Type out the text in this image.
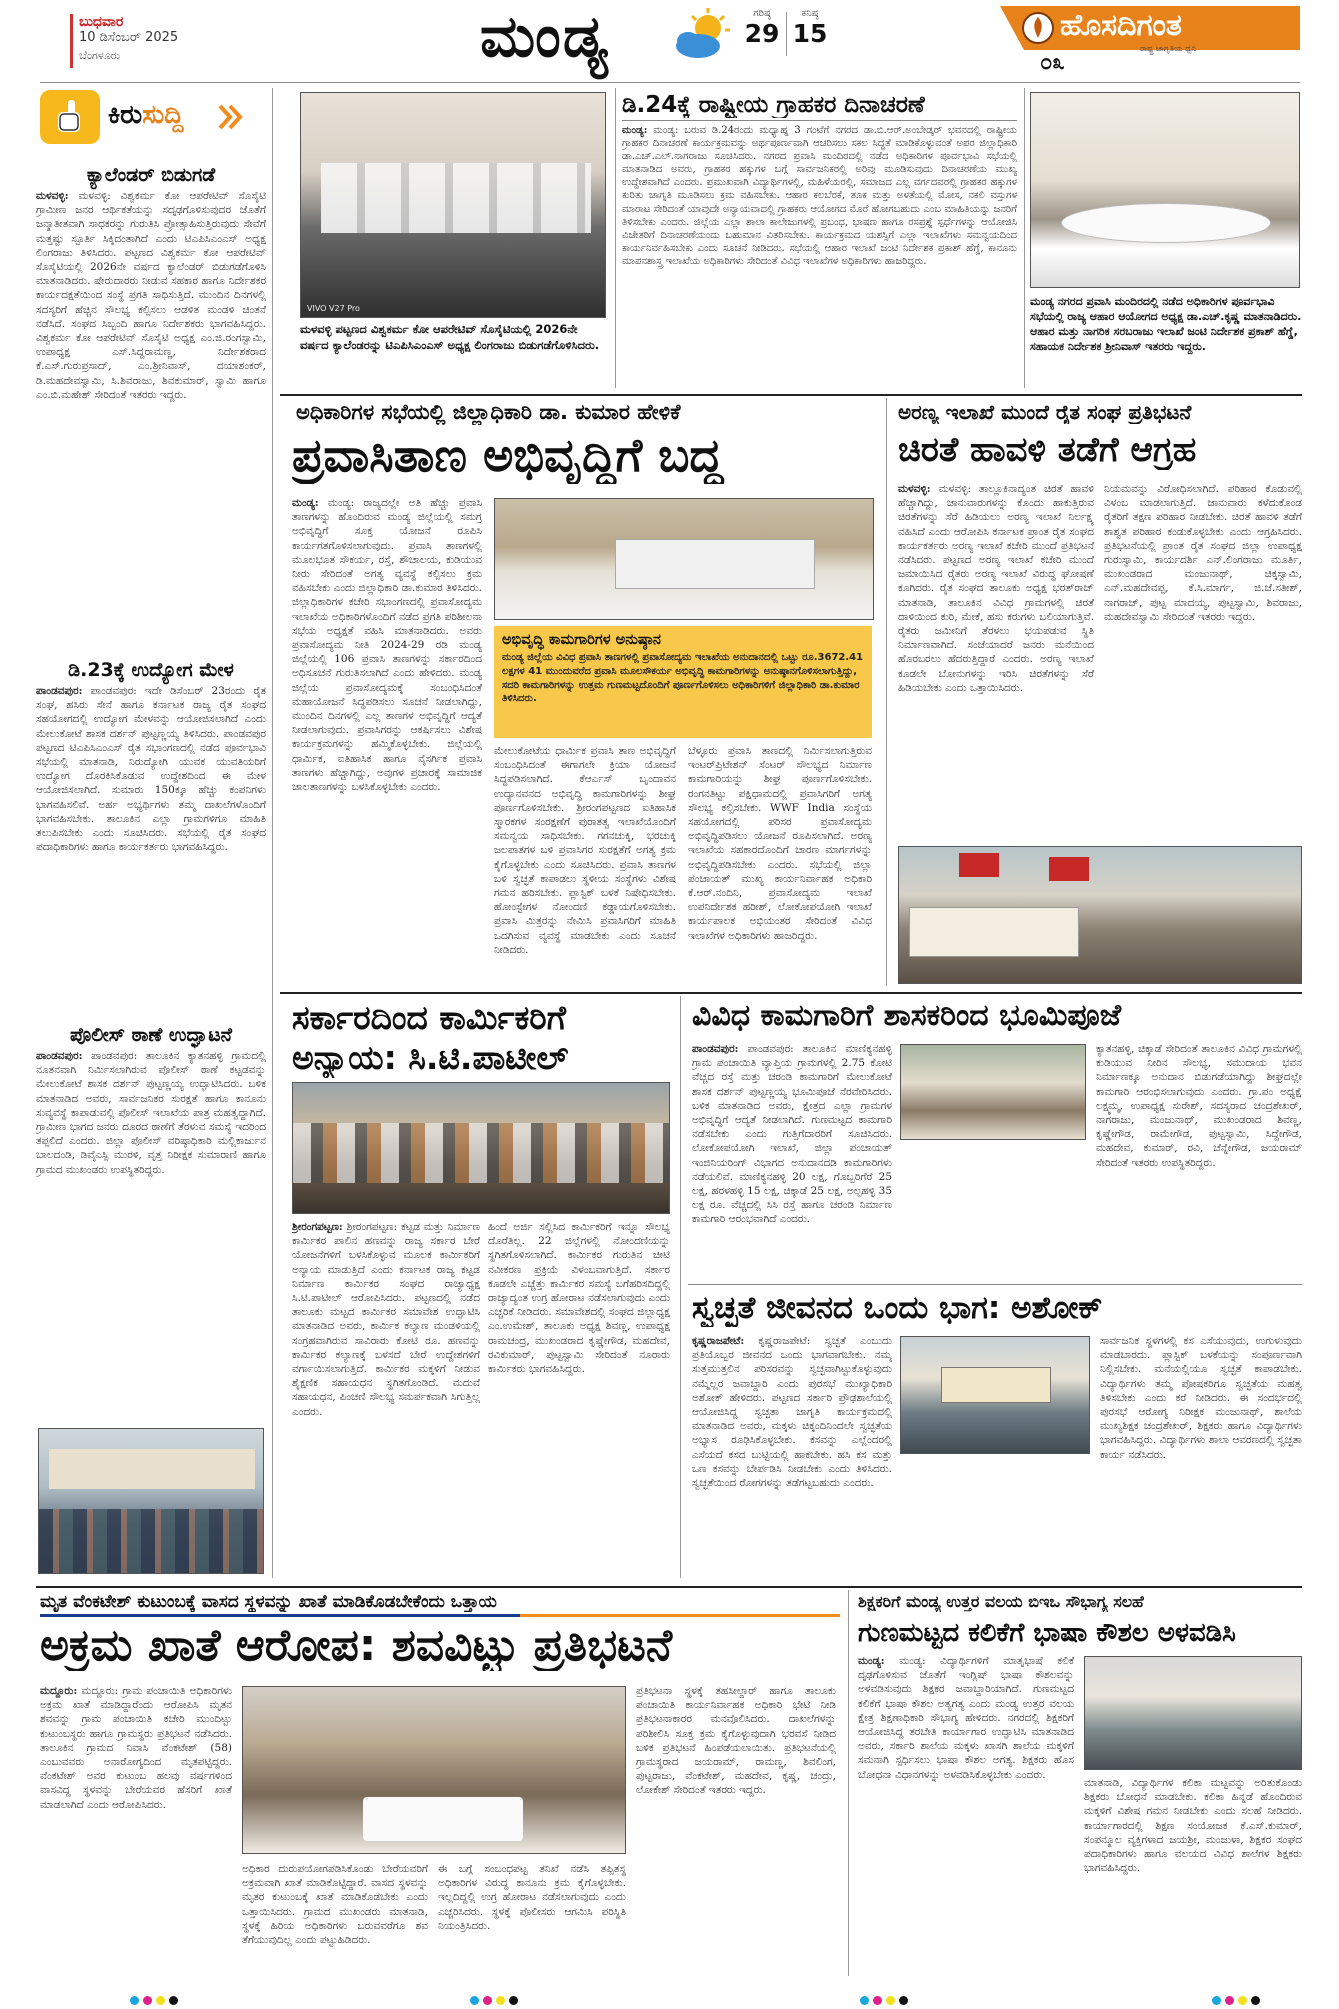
ಬುಧವಾರ
10 ಡಿಸೆಂಬರ್ 2025
ಬೆಂಗಳೂರು	ಮಂಡ್ಯ	ಗರಿಷ್ಠ
29
ಕನಿಷ್ಠ
15	ಹೊಸದಿಗಂತ
ರಾಷ್ಟ್ರ ಜಾಗೃತಿಯ ಧ್ವನಿ
೦೩
ಕಿರುಸುದ್ದಿ
ಕ್ಯಾಲೆಂಡರ್ ಬಿಡುಗಡೆ
ಮಳವಳ್ಳಿ: ಮಳವಳ್ಳಿ: ವಿಶ್ವಕರ್ಮ ಕೋ ಆಪರೇಟಿವ್ ಸೊಸೈಟಿ ಗ್ರಾಮೀಣ ಜನರ ಆರ್ಥಿಕತೆಯನ್ನು ಸದೃಢಗೊಳಿಸುವುದರ ಜೊತೆಗೆ ಜನ್ಮಾತೀತವಾಗಿ ಸಾಧಕರನ್ನು ಗುರುತಿಸಿ ಪ್ರೋತ್ಸಾಹಿಸುತ್ತಿರುವುದು ಸೇವೆಗೆ ಮತ್ತಷ್ಟು ಸ್ಪೂರ್ತಿ ಸಿಕ್ಕಿದಂತಾಗಿದೆ ಎಂದು ಟಿಎಪಿಸಿಎಂಎಸ್ ಅಧ್ಯಕ್ಷ ಲಿಂಗರಾಜು ತಿಳಿಸಿದರು. ಪಟ್ಟಣದ ವಿಶ್ವಕರ್ಮ ಕೋ ಆಪರೇಟಿವ್ ಸೊಸೈಟಿಯಲ್ಲಿ 2026ನೇ ವರ್ಷದ ಕ್ಯಾಲೆಂಡರ್ ಬಿಡುಗಡೆಗೊಳಿಸಿ ಮಾತನಾಡಿದರು. ಷೇರುದಾರರು ನೀಡುವ ಸಹಕಾರ ಹಾಗೂ ನಿರ್ದೇಶಕರ ಕಾರ್ಯದಕ್ಷತೆಯಿಂದ ಸಂಸ್ಥೆ ಪ್ರಗತಿ ಸಾಧಿಸುತ್ತಿದೆ. ಮುಂದಿನ ದಿನಗಳಲ್ಲಿ ಸದಸ್ಯರಿಗೆ ಹೆಚ್ಚಿನ ಸೌಲಭ್ಯ ಕಲ್ಪಿಸಲು ಆಡಳಿತ ಮಂಡಳಿ ಚಿಂತನೆ ನಡೆಸಿದೆ. ಸಂಘದ ಸಿಬ್ಬಂದಿ ಹಾಗೂ ನಿರ್ದೇಶಕರು ಭಾಗವಹಿಸಿದ್ದರು. ವಿಶ್ವಕರ್ಮ ಕೋ ಆಪರೇಟಿವ್ ಸೊಸೈಟಿ ಅಧ್ಯಕ್ಷ ಎಂ.ಜಿ.ರಂಗಸ್ವಾಮಿ, ಉಪಾಧ್ಯಕ್ಷ ಎಸ್.ಸಿದ್ದರಾಮಣ್ಣ, ನಿರ್ದೇಶಕರಾದ ಕೆ.ಎಸ್.ಗುರುಪ್ರಸಾದ್, ಎಂ.ಶ್ರೀನಿವಾಸ್, ದಯಾಶಂಕರ್, ಡಿ.ಮಹದೇವಸ್ವಾಮಿ, ಸಿ.ಶಿವರಾಜು, ಶಿವಕುಮಾರ್, ಸ್ವಾಮಿ ಹಾಗೂ ಎಂ.ಬಿ.ಮಹೇಶ್ ಸೇರಿದಂತೆ ಇತರರು ಇದ್ದರು.
ಡಿ.23ಕ್ಕೆ ಉದ್ಯೋಗ ಮೇಳ
ಪಾಂಡವಪುರ: ಪಾಂಡವಪುರ: ಇದೇ ಡಿಸೆಂಬರ್ 23ರಂದು ರೈತ ಸಂಘ, ಹಸಿರು ಸೇನೆ ಹಾಗೂ ಕರ್ನಾಟಕ ರಾಜ್ಯ ರೈತ ಸಂಘದ ಸಹಯೋಗದಲ್ಲಿ ಉದ್ಯೋಗ ಮೇಳವನ್ನು ಆಯೋಜಿಸಲಾಗಿದೆ ಎಂದು ಮೇಲುಕೋಟೆ ಶಾಸಕ ದರ್ಶನ್ ಪುಟ್ಟಣ್ಣಯ್ಯ ತಿಳಿಸಿದರು. ಪಾಂಡವಪುರ ಪಟ್ಟಣದ ಟಿಎಪಿಸಿಎಂಎಸ್ ರೈತ ಸಭಾಂಗಣದಲ್ಲಿ ನಡೆದ ಪೂರ್ವಭಾವಿ ಸಭೆಯಲ್ಲಿ ಮಾತನಾಡಿ, ನಿರುದ್ಯೋಗಿ ಯುವಕ ಯುವತಿಯರಿಗೆ ಉದ್ಯೋಗ ದೊರಕಿಸಿಕೊಡುವ ಉದ್ದೇಶದಿಂದ ಈ ಮೇಳ ಆಯೋಜಿಸಲಾಗಿದೆ. ಸುಮಾರು 150ಕ್ಕೂ ಹೆಚ್ಚು ಕಂಪನಿಗಳು ಭಾಗವಹಿಸಲಿವೆ. ಅರ್ಹ ಅಭ್ಯರ್ಥಿಗಳು ತಮ್ಮ ದಾಖಲೆಗಳೊಂದಿಗೆ ಭಾಗವಹಿಸಬೇಕು. ತಾಲೂಕಿನ ಎಲ್ಲಾ ಗ್ರಾಮಗಳಿಗೂ ಮಾಹಿತಿ ತಲುಪಿಸಬೇಕು ಎಂದು ಸೂಚಿಸಿದರು. ಸಭೆಯಲ್ಲಿ ರೈತ ಸಂಘದ ಪದಾಧಿಕಾರಿಗಳು ಹಾಗೂ ಕಾರ್ಯಕರ್ತರು ಭಾಗವಹಿಸಿದ್ದರು.
ಪೊಲೀಸ್ ಠಾಣೆ ಉದ್ಘಾಟನೆ
ಪಾಂಡವಪುರ: ಪಾಂಡವಪುರ: ತಾಲೂಕಿನ ಕ್ಯಾತನಹಳ್ಳಿ ಗ್ರಾಮದಲ್ಲಿ ನೂತನವಾಗಿ ನಿರ್ಮಿಸಲಾಗಿರುವ ಪೊಲೀಸ್ ಠಾಣೆ ಕಟ್ಟಡವನ್ನು ಮೇಲುಕೋಟೆ ಶಾಸಕ ದರ್ಶನ್ ಪುಟ್ಟಣ್ಣಯ್ಯ ಉದ್ಘಾಟಿಸಿದರು. ಬಳಿಕ ಮಾತನಾಡಿದ ಅವರು, ಸಾರ್ವಜನಿಕರ ಸುರಕ್ಷತೆ ಹಾಗೂ ಕಾನೂನು ಸುವ್ಯವಸ್ಥೆ ಕಾಪಾಡುವಲ್ಲಿ ಪೊಲೀಸ್ ಇಲಾಖೆಯ ಪಾತ್ರ ಮಹತ್ವದ್ದಾಗಿದೆ. ಗ್ರಾಮೀಣ ಭಾಗದ ಜನರು ದೂರದ ಠಾಣೆಗೆ ತೆರಳುವ ಸಮಸ್ಯೆ ಇದರಿಂದ ತಪ್ಪಲಿದೆ ಎಂದರು. ಜಿಲ್ಲಾ ಪೊಲೀಸ್ ವರಿಷ್ಠಾಧಿಕಾರಿ ಮಲ್ಲಿಕಾರ್ಜುನ ಬಾಲದಂಡಿ, ಡಿವೈಎಸ್ಪಿ ಮುರಳಿ, ವೃತ್ತ ನಿರೀಕ್ಷಕ ಸುಮಾರಾಣಿ ಹಾಗೂ ಗ್ರಾಮದ ಮುಖಂಡರು ಉಪಸ್ಥಿತರಿದ್ದರು.
VIVO V27 Pro
ಮಳವಳ್ಳಿ ಪಟ್ಟಣದ ವಿಶ್ವಕರ್ಮ ಕೋ ಆಪರೇಟಿವ್ ಸೊಸೈಟಿಯಲ್ಲಿ 2026ನೇ ವರ್ಷದ ಕ್ಯಾಲೆಂಡರನ್ನು ಟಿಎಪಿಸಿಎಂಎಸ್ ಅಧ್ಯಕ್ಷ ಲಿಂಗರಾಜು ಬಿಡುಗಡೆಗೊಳಿಸಿದರು.
ಡಿ.24ಕ್ಕೆ ರಾಷ್ಟ್ರೀಯ ಗ್ರಾಹಕರ ದಿನಾಚರಣೆ
ಮಂಡ್ಯ: ಮಂಡ್ಯ: ಬರುವ ಡಿ.24ರಂದು ಮಧ್ಯಾಹ್ನ 3 ಗಂಟೆಗೆ ನಗರದ ಡಾ.ಬಿ.ಆರ್.ಅಂಬೇಡ್ಕರ್ ಭವನದಲ್ಲಿ ರಾಷ್ಟ್ರೀಯ ಗ್ರಾಹಕರ ದಿನಾಚರಣೆ ಕಾರ್ಯಕ್ರಮವನ್ನು ಅರ್ಥಪೂರ್ಣವಾಗಿ ಆಚರಿಸಲು ಸಕಲ ಸಿದ್ಧತೆ ಮಾಡಿಕೊಳ್ಳುವಂತೆ ಅಪರ ಜಿಲ್ಲಾಧಿಕಾರಿ ಡಾ.ಎಚ್.ಎಲ್.ನಾಗರಾಜು ಸೂಚಿಸಿದರು. ನಗರದ ಪ್ರವಾಸಿ ಮಂದಿರದಲ್ಲಿ ನಡೆದ ಅಧಿಕಾರಿಗಳ ಪೂರ್ವಭಾವಿ ಸಭೆಯಲ್ಲಿ ಮಾತನಾಡಿದ ಅವರು, ಗ್ರಾಹಕರ ಹಕ್ಕುಗಳ ಬಗ್ಗೆ ಸಾರ್ವಜನಿಕರಲ್ಲಿ ಅರಿವು ಮೂಡಿಸುವುದು ದಿನಾಚರಣೆಯ ಮುಖ್ಯ ಉದ್ದೇಶವಾಗಿದೆ ಎಂದರು. ಪ್ರಮುಖವಾಗಿ ವಿದ್ಯಾರ್ಥಿಗಳಲ್ಲಿ, ಮಹಿಳೆಯರಲ್ಲಿ, ಸಮಾಜದ ಎಲ್ಲ ವರ್ಗದವರಲ್ಲಿ ಗ್ರಾಹಕರ ಹಕ್ಕುಗಳ ಕುರಿತು ಜಾಗೃತಿ ಮೂಡಿಸಲು ಕ್ರಮ ವಹಿಸಬೇಕು. ಆಹಾರ ಕಲಬೆರಕೆ, ತೂಕ ಮತ್ತು ಅಳತೆಯಲ್ಲಿ ಮೋಸ, ನಕಲಿ ವಸ್ತುಗಳ ಮಾರಾಟ ಸೇರಿದಂತೆ ಯಾವುದೇ ಅನ್ಯಾಯವಾದಲ್ಲಿ ಗ್ರಾಹಕರು ಆಯೋಗದ ಮೊರೆ ಹೋಗಬಹುದು ಎಂಬ ಮಾಹಿತಿಯನ್ನು ಜನರಿಗೆ ತಿಳಿಸಬೇಕು ಎಂದರು. ಜಿಲ್ಲೆಯ ಎಲ್ಲಾ ಶಾಲಾ ಕಾಲೇಜುಗಳಲ್ಲಿ ಪ್ರಬಂಧ, ಭಾಷಣ ಹಾಗೂ ರಸಪ್ರಶ್ನೆ ಸ್ಪರ್ಧೆಗಳನ್ನು ಆಯೋಜಿಸಿ ವಿಜೇತರಿಗೆ ದಿನಾಚರಣೆಯಂದು ಬಹುಮಾನ ವಿತರಿಸಬೇಕು. ಕಾರ್ಯಕ್ರಮದ ಯಶಸ್ಸಿಗೆ ಎಲ್ಲಾ ಇಲಾಖೆಗಳು ಸಮನ್ವಯದಿಂದ ಕಾರ್ಯನಿರ್ವಹಿಸಬೇಕು ಎಂದು ಸೂಚನೆ ನೀಡಿದರು. ಸಭೆಯಲ್ಲಿ ಆಹಾರ ಇಲಾಖೆ ಜಂಟಿ ನಿರ್ದೇಶಕ ಪ್ರಕಾಶ್ ಹೆಗ್ಡೆ, ಕಾನೂನು ಮಾಪನಶಾಸ್ತ್ರ ಇಲಾಖೆಯ ಅಧಿಕಾರಿಗಳು ಸೇರಿದಂತೆ ವಿವಿಧ ಇಲಾಖೆಗಳ ಅಧಿಕಾರಿಗಳು ಹಾಜರಿದ್ದರು.
ಮಂಡ್ಯ ನಗರದ ಪ್ರವಾಸಿ ಮಂದಿರದಲ್ಲಿ ನಡೆದ ಅಧಿಕಾರಿಗಳ ಪೂರ್ವಭಾವಿ ಸಭೆಯಲ್ಲಿ ರಾಜ್ಯ ಆಹಾರ ಆಯೋಗದ ಅಧ್ಯಕ್ಷ ಡಾ.ಎಚ್.ಕೃಷ್ಣ ಮಾತನಾಡಿದರು. ಆಹಾರ ಮತ್ತು ನಾಗರಿಕ ಸರಬರಾಜು ಇಲಾಖೆ ಜಂಟಿ ನಿರ್ದೇಶಕ ಪ್ರಕಾಶ್ ಹೆಗ್ಡೆ, ಸಹಾಯಕ ನಿರ್ದೇಶಕ ಶ್ರೀನಿವಾಸ್ ಇತರರು ಇದ್ದರು.
ಅಧಿಕಾರಿಗಳ ಸಭೆಯಲ್ಲಿ ಜಿಲ್ಲಾಧಿಕಾರಿ ಡಾ. ಕುಮಾರ ಹೇಳಿಕೆ
ಪ್ರವಾಸಿತಾಣ ಅಭಿವೃದ್ಧಿಗೆ ಬದ್ಧ
ಮಂಡ್ಯ: ಮಂಡ್ಯ: ರಾಜ್ಯದಲ್ಲೇ ಅತಿ ಹೆಚ್ಚು ಪ್ರವಾಸಿ ತಾಣಗಳನ್ನು ಹೊಂದಿರುವ ಮಂಡ್ಯ ಜಿಲ್ಲೆಯಲ್ಲಿ ಸಮಗ್ರ ಅಭಿವೃದ್ಧಿಗೆ ಸೂಕ್ತ ಯೋಜನೆ ರೂಪಿಸಿ ಕಾರ್ಯಗತಗೊಳಿಸಲಾಗುವುದು. ಪ್ರವಾಸಿ ತಾಣಗಳಲ್ಲಿ ಮೂಲಭೂತ ಸೌಕರ್ಯ, ರಸ್ತೆ, ಶೌಚಾಲಯ, ಕುಡಿಯುವ ನೀರು ಸೇರಿದಂತೆ ಅಗತ್ಯ ವ್ಯವಸ್ಥೆ ಕಲ್ಪಿಸಲು ಕ್ರಮ ವಹಿಸಬೇಕು ಎಂದು ಜಿಲ್ಲಾಧಿಕಾರಿ ಡಾ.ಕುಮಾರ ತಿಳಿಸಿದರು. ಜಿಲ್ಲಾಧಿಕಾರಿಗಳ ಕಚೇರಿ ಸಭಾಂಗಣದಲ್ಲಿ ಪ್ರವಾಸೋದ್ಯಮ ಇಲಾಖೆಯ ಅಧಿಕಾರಿಗಳೊಂದಿಗೆ ನಡೆದ ಪ್ರಗತಿ ಪರಿಶೀಲನಾ ಸಭೆಯ ಅಧ್ಯಕ್ಷತೆ ವಹಿಸಿ ಮಾತನಾಡಿದರು. ಅವರು ಪ್ರವಾಸೋದ್ಯಮ ನೀತಿ 2024-29 ರಡಿ ಮಂಡ್ಯ ಜಿಲ್ಲೆಯಲ್ಲಿ 106 ಪ್ರವಾಸಿ ತಾಣಗಳನ್ನು ಸರ್ಕಾರದಿಂದ ಅಧಿಸೂಚನೆ ಗುರುತಿಸಲಾಗಿದೆ ಎಂದು ಹೇಳಿದರು. ಮಂಡ್ಯ ಜಿಲ್ಲೆಯ ಪ್ರವಾಸೋದ್ಯಮಕ್ಕೆ ಸಂಬಂಧಿಸಿದಂತೆ ಮಹಾಯೋಜನೆ ಸಿದ್ಧಪಡಿಸಲು ಸೂಚನೆ ನೀಡಲಾಗಿದ್ದು, ಮುಂದಿನ ದಿನಗಳಲ್ಲಿ ಎಲ್ಲ ತಾಣಗಳ ಅಭಿವೃದ್ಧಿಗೆ ಆದ್ಯತೆ ನೀಡಲಾಗುವುದು. ಪ್ರವಾಸಿಗರನ್ನು ಆಕರ್ಷಿಸಲು ವಿಶೇಷ ಕಾರ್ಯಕ್ರಮಗಳನ್ನು ಹಮ್ಮಿಕೊಳ್ಳಬೇಕು. ಜಿಲ್ಲೆಯಲ್ಲಿ ಧಾರ್ಮಿಕ, ಐತಿಹಾಸಿಕ ಹಾಗೂ ನೈಸರ್ಗಿಕ ಪ್ರವಾಸಿ ತಾಣಗಳು ಹೆಚ್ಚಾಗಿದ್ದು, ಅವುಗಳ ಪ್ರಚಾರಕ್ಕೆ ಸಾಮಾಜಿಕ ಜಾಲತಾಣಗಳನ್ನು ಬಳಸಿಕೊಳ್ಳಬೇಕು ಎಂದರು.
ಅಭಿವೃದ್ಧಿ ಕಾಮಗಾರಿಗಳ ಅನುಷ್ಠಾನ
ಮಂಡ್ಯ ಜಿಲ್ಲೆಯ ವಿವಿಧ ಪ್ರವಾಸಿ ತಾಣಗಳಲ್ಲಿ ಪ್ರವಾಸೋದ್ಯಮ ಇಲಾಖೆಯ ಅನುದಾನದಲ್ಲಿ ಒಟ್ಟು ರೂ.3672.41 ಲಕ್ಷಗಳ 41 ಮುಂದುವರೆದ ಪ್ರವಾಸಿ ಮೂಲಸೌಕರ್ಯ ಅಭಿವೃದ್ಧಿ ಕಾಮಗಾರಿಗಳನ್ನು ಅನುಷ್ಠಾನಗೊಳಿಸಲಾಗುತ್ತಿದ್ದು, ಸದರಿ ಕಾಮಗಾರಿಗಳನ್ನು ಉತ್ತಮ ಗುಣಮಟ್ಟದೊಂದಿಗೆ ಪೂರ್ಣಗೊಳಿಸಲು ಅಧಿಕಾರಿಗಳಿಗೆ ಜಿಲ್ಲಾಧಿಕಾರಿ ಡಾ.ಕುಮಾರ ತಿಳಿಸಿದರು.
ಮೇಲುಕೋಟೆಯ ಧಾರ್ಮಿಕ ಪ್ರವಾಸಿ ತಾಣ ಅಭಿವೃದ್ಧಿಗೆ ಸಂಬಂಧಿಸಿದಂತೆ ಈಗಾಗಲೇ ಕ್ರಿಯಾ ಯೋಜನೆ ಸಿದ್ಧಪಡಿಸಲಾಗಿದೆ. ಕೆಆರ್ಎಸ್ ಬೃಂದಾವನ ಉದ್ಯಾನವನದ ಅಭಿವೃದ್ಧಿ ಕಾಮಗಾರಿಗಳನ್ನು ಶೀಘ್ರ ಪೂರ್ಣಗೊಳಿಸಬೇಕು. ಶ್ರೀರಂಗಪಟ್ಟಣದ ಐತಿಹಾಸಿಕ ಸ್ಮಾರಕಗಳ ಸಂರಕ್ಷಣೆಗೆ ಪುರಾತತ್ವ ಇಲಾಖೆಯೊಂದಿಗೆ ಸಮನ್ವಯ ಸಾಧಿಸಬೇಕು. ಗಗನಚುಕ್ಕಿ, ಭರಚುಕ್ಕಿ ಜಲಪಾತಗಳ ಬಳಿ ಪ್ರವಾಸಿಗರ ಸುರಕ್ಷತೆಗೆ ಅಗತ್ಯ ಕ್ರಮ ಕೈಗೊಳ್ಳಬೇಕು ಎಂದು ಸೂಚಿಸಿದರು. ಪ್ರವಾಸಿ ತಾಣಗಳ ಬಳಿ ಸ್ವಚ್ಛತೆ ಕಾಪಾಡಲು ಸ್ಥಳೀಯ ಸಂಸ್ಥೆಗಳು ವಿಶೇಷ ಗಮನ ಹರಿಸಬೇಕು. ಪ್ಲಾಸ್ಟಿಕ್ ಬಳಕೆ ನಿಷೇಧಿಸಬೇಕು. ಹೋಂಸ್ಟೇಗಳ ನೋಂದಣಿ ಕಡ್ಡಾಯಗೊಳಿಸಬೇಕು. ಪ್ರವಾಸಿ ಮಿತ್ರರನ್ನು ನೇಮಿಸಿ ಪ್ರವಾಸಿಗರಿಗೆ ಮಾಹಿತಿ ಒದಗಿಸುವ ವ್ಯವಸ್ಥೆ ಮಾಡಬೇಕು ಎಂದು ಸೂಚನೆ ನೀಡಿದರು.
ಬೆಳ್ಳೂರು ಪ್ರವಾಸಿ ತಾಣದಲ್ಲಿ ನಿರ್ಮಿಸಲಾಗುತ್ತಿರುವ ಇಂಟರ್‌ಪ್ರಿಟೇಶನ್ ಸೆಂಟರ್ ಸೌಲಭ್ಯದ ನಿರ್ಮಾಣ ಕಾಮಗಾರಿಯನ್ನು ಶೀಘ್ರ ಪೂರ್ಣಗೊಳಿಸಬೇಕು. ರಂಗನತಿಟ್ಟು ಪಕ್ಷಿಧಾಮದಲ್ಲಿ ಪ್ರವಾಸಿಗರಿಗೆ ಅಗತ್ಯ ಸೌಲಭ್ಯ ಕಲ್ಪಿಸಬೇಕು. WWF India ಸಂಸ್ಥೆಯ ಸಹಯೋಗದಲ್ಲಿ ಪರಿಸರ ಪ್ರವಾಸೋದ್ಯಮ ಅಭಿವೃದ್ಧಿಪಡಿಸಲು ಯೋಜನೆ ರೂಪಿಸಲಾಗಿದೆ. ಅರಣ್ಯ ಇಲಾಖೆಯ ಸಹಕಾರದೊಂದಿಗೆ ಚಾರಣ ಮಾರ್ಗಗಳನ್ನು ಅಭಿವೃದ್ಧಿಪಡಿಸಬೇಕು ಎಂದರು. ಸಭೆಯಲ್ಲಿ ಜಿಲ್ಲಾ ಪಂಚಾಯತ್ ಮುಖ್ಯ ಕಾರ್ಯನಿರ್ವಾಹಕ ಅಧಿಕಾರಿ ಕೆ.ಆರ್.ನಂದಿನಿ, ಪ್ರವಾಸೋದ್ಯಮ ಇಲಾಖೆ ಉಪನಿರ್ದೇಶಕ ಹರೀಶ್, ಲೋಕೋಪಯೋಗಿ ಇಲಾಖೆ ಕಾರ್ಯಪಾಲಕ ಅಭಿಯಂತರ ಸೇರಿದಂತೆ ವಿವಿಧ ಇಲಾಖೆಗಳ ಅಧಿಕಾರಿಗಳು ಹಾಜರಿದ್ದರು.
ಅರಣ್ಯ ಇಲಾಖೆ ಮುಂದೆ ರೈತ ಸಂಘ ಪ್ರತಿಭಟನೆ
ಚಿರತೆ ಹಾವಳಿ ತಡೆಗೆ ಆಗ್ರಹ
ಮಳವಳ್ಳಿ: ಮಳವಳ್ಳಿ: ತಾಲ್ಲೂಕಿನಾದ್ಯಂತ ಚಿರತೆ ಹಾವಳಿ ಹೆಚ್ಚಾಗಿದ್ದು, ಜಾನುವಾರುಗಳನ್ನು ಕೊಂದು ಹಾಕುತ್ತಿರುವ ಚಿರತೆಗಳನ್ನು ಸೆರೆ ಹಿಡಿಯಲು ಅರಣ್ಯ ಇಲಾಖೆ ನಿರ್ಲಕ್ಷ್ಯ ವಹಿಸಿದೆ ಎಂದು ಆರೋಪಿಸಿ ಕರ್ನಾಟಕ ಪ್ರಾಂತ ರೈತ ಸಂಘದ ಕಾರ್ಯಕರ್ತರು ಅರಣ್ಯ ಇಲಾಖೆ ಕಚೇರಿ ಮುಂದೆ ಪ್ರತಿಭಟನೆ ನಡೆಸಿದರು. ಪಟ್ಟಣದ ಅರಣ್ಯ ಇಲಾಖೆ ಕಚೇರಿ ಮುಂದೆ ಜಮಾಯಿಸಿದ ರೈತರು ಅರಣ್ಯ ಇಲಾಖೆ ವಿರುದ್ಧ ಘೋಷಣೆ ಕೂಗಿದರು. ರೈತ ಸಂಘದ ತಾಲೂಕು ಅಧ್ಯಕ್ಷ ಭರತ್‌ರಾಜ್ ಮಾತನಾಡಿ, ತಾಲೂಕಿನ ವಿವಿಧ ಗ್ರಾಮಗಳಲ್ಲಿ ಚಿರತೆ ದಾಳಿಯಿಂದ ಕುರಿ, ಮೇಕೆ, ಹಸು ಕರುಗಳು ಬಲಿಯಾಗುತ್ತಿವೆ. ರೈತರು ಜಮೀನಿಗೆ ತೆರಳಲು ಭಯಪಡುವ ಸ್ಥಿತಿ ನಿರ್ಮಾಣವಾಗಿದೆ. ಸಂಜೆಯಾದರೆ ಜನರು ಮನೆಯಿಂದ ಹೊರಬರಲು ಹೆದರುತ್ತಿದ್ದಾರೆ ಎಂದರು. ಅರಣ್ಯ ಇಲಾಖೆ ಕೂಡಲೇ ಬೋನುಗಳನ್ನು ಇರಿಸಿ ಚಿರತೆಗಳನ್ನು ಸೆರೆ ಹಿಡಿಯಬೇಕು ಎಂದು ಒತ್ತಾಯಿಸಿದರು.
ನಿಯಮವನ್ನು ವಿರೋಧಿಸಲಾಗಿದೆ. ಪರಿಹಾರ ಕೊಡುವಲ್ಲಿ ವಿಳಂಬ ಮಾಡಲಾಗುತ್ತಿದೆ. ಜಾನುವಾರು ಕಳೆದುಕೊಂಡ ರೈತರಿಗೆ ತಕ್ಷಣ ಪರಿಹಾರ ನೀಡಬೇಕು. ಚಿರತೆ ಹಾವಳಿ ತಡೆಗೆ ಶಾಶ್ವತ ಪರಿಹಾರ ಕಂಡುಕೊಳ್ಳಬೇಕು ಎಂದು ಆಗ್ರಹಿಸಿದರು. ಪ್ರತಿಭಟನೆಯಲ್ಲಿ ಪ್ರಾಂತ ರೈತ ಸಂಘದ ಜಿಲ್ಲಾ ಉಪಾಧ್ಯಕ್ಷ ಗುರುಸ್ವಾಮಿ, ಕಾರ್ಯದರ್ಶಿ ಎನ್.ಲಿಂಗರಾಜು ಮೂರ್ತಿ, ಮುಖಂಡರಾದ ಮಂಜುನಾಥ್, ಚಿಕ್ಕಸ್ವಾಮಿ, ಎನ್.ಮಹದೇವಪ್ಪ, ಕೆ.ಸಿ.ಮಾರ್ಗ, ಜಿ.ಜೆ.ಸತೀಶ್, ನಾಗರಾಜ್, ಪುಟ್ಟ ಮಾದಯ್ಯ, ಪುಟ್ಟಸ್ವಾಮಿ, ಶಿವರಾಜು, ಮಹದೇವಸ್ವಾಮಿ ಸೇರಿದಂತೆ ಇತರರು ಇದ್ದರು.
ಸರ್ಕಾರದಿಂದ ಕಾರ್ಮಿಕರಿಗೆ
ಅನ್ಯಾಯ: ಸಿ.ಟಿ.ಪಾಟೀಲ್
ಶ್ರೀರಂಗಪಟ್ಟಣ: ಶ್ರೀರಂಗಪಟ್ಟಣ: ಕಟ್ಟಡ ಮತ್ತು ನಿರ್ಮಾಣ ಕಾರ್ಮಿಕರ ಪಾಲಿನ ಹಣವನ್ನು ರಾಜ್ಯ ಸರ್ಕಾರ ಬೇರೆ ಯೋಜನೆಗಳಿಗೆ ಬಳಸಿಕೊಳ್ಳುವ ಮೂಲಕ ಕಾರ್ಮಿಕರಿಗೆ ಅನ್ಯಾಯ ಮಾಡುತ್ತಿದೆ ಎಂದು ಕರ್ನಾಟಕ ರಾಜ್ಯ ಕಟ್ಟಡ ನಿರ್ಮಾಣ ಕಾರ್ಮಿಕರ ಸಂಘದ ರಾಜ್ಯಾಧ್ಯಕ್ಷ ಸಿ.ಟಿ.ಪಾಟೀಲ್ ಆರೋಪಿಸಿದರು. ಪಟ್ಟಣದಲ್ಲಿ ನಡೆದ ತಾಲೂಕು ಮಟ್ಟದ ಕಾರ್ಮಿಕರ ಸಮಾವೇಶ ಉದ್ಘಾಟಿಸಿ ಮಾತನಾಡಿದ ಅವರು, ಕಾರ್ಮಿಕ ಕಲ್ಯಾಣ ಮಂಡಳಿಯಲ್ಲಿ ಸಂಗ್ರಹವಾಗಿರುವ ಸಾವಿರಾರು ಕೋಟಿ ರೂ. ಹಣವನ್ನು ಕಾರ್ಮಿಕರ ಕಲ್ಯಾಣಕ್ಕೆ ಬಳಸದೆ ಬೇರೆ ಉದ್ದೇಶಗಳಿಗೆ ವರ್ಗಾಯಿಸಲಾಗುತ್ತಿದೆ. ಕಾರ್ಮಿಕರ ಮಕ್ಕಳಿಗೆ ನೀಡುವ ಶೈಕ್ಷಣಿಕ ಸಹಾಯಧನ ಸ್ಥಗಿತಗೊಂಡಿದೆ. ಮದುವೆ ಸಹಾಯಧನ, ಪಿಂಚಣಿ ಸೌಲಭ್ಯ ಸಮರ್ಪಕವಾಗಿ ಸಿಗುತ್ತಿಲ್ಲ ಎಂದರು.
ಹಿಂದೆ ಅರ್ಜಿ ಸಲ್ಲಿಸಿದ ಕಾರ್ಮಿಕರಿಗೆ ಇನ್ನೂ ಸೌಲಭ್ಯ ದೊರೆತಿಲ್ಲ. 22 ಜಿಲ್ಲೆಗಳಲ್ಲಿ ನೋಂದಣಿಯನ್ನು ಸ್ಥಗಿತಗೊಳಿಸಲಾಗಿದೆ. ಕಾರ್ಮಿಕರ ಗುರುತಿನ ಚೀಟಿ ನವೀಕರಣ ಪ್ರಕ್ರಿಯೆ ವಿಳಂಬವಾಗುತ್ತಿದೆ. ಸರ್ಕಾರ ಕೂಡಲೇ ಎಚ್ಚೆತ್ತು ಕಾರ್ಮಿಕರ ಸಮಸ್ಯೆ ಬಗೆಹರಿಸದಿದ್ದಲ್ಲಿ ರಾಜ್ಯಾದ್ಯಂತ ಉಗ್ರ ಹೋರಾಟ ನಡೆಸಲಾಗುವುದು ಎಂದು ಎಚ್ಚರಿಕೆ ನೀಡಿದರು. ಸಮಾವೇಶದಲ್ಲಿ ಸಂಘದ ಜಿಲ್ಲಾಧ್ಯಕ್ಷ ಎಂ.ಉಮೇಶ್, ತಾಲೂಕು ಅಧ್ಯಕ್ಷ ಶಿವಣ್ಣ, ಉಪಾಧ್ಯಕ್ಷ ರಾಮಚಂದ್ರ, ಮುಖಂಡರಾದ ಕೃಷ್ಣೇಗೌಡ, ಮಹದೇವ, ರವಿಕುಮಾರ್, ಪುಟ್ಟಸ್ವಾಮಿ ಸೇರಿದಂತೆ ನೂರಾರು ಕಾರ್ಮಿಕರು ಭಾಗವಹಿಸಿದ್ದರು.
ವಿವಿಧ ಕಾಮಗಾರಿಗೆ ಶಾಸಕರಿಂದ ಭೂಮಿಪೂಜೆ
ಪಾಂಡವಪುರ: ಪಾಂಡವಪುರ: ತಾಲೂಕಿನ ಮಾಣಿಕ್ಯನಹಳ್ಳಿ ಗ್ರಾಮ ಪಂಚಾಯಿತಿ ವ್ಯಾಪ್ತಿಯ ಗ್ರಾಮಗಳಲ್ಲಿ 2.75 ಕೋಟಿ ವೆಚ್ಚದ ರಸ್ತೆ ಮತ್ತು ಚರಂಡಿ ಕಾಮಗಾರಿಗೆ ಮೇಲುಕೋಟೆ ಶಾಸಕ ದರ್ಶನ್ ಪುಟ್ಟಣ್ಣಯ್ಯ ಭೂಮಿಪೂಜೆ ನೆರವೇರಿಸಿದರು. ಬಳಿಕ ಮಾತನಾಡಿದ ಅವರು, ಕ್ಷೇತ್ರದ ಎಲ್ಲಾ ಗ್ರಾಮಗಳ ಅಭಿವೃದ್ಧಿಗೆ ಆದ್ಯತೆ ನೀಡಲಾಗಿದೆ. ಗುಣಮಟ್ಟದ ಕಾಮಗಾರಿ ನಡೆಸಬೇಕು ಎಂದು ಗುತ್ತಿಗೆದಾರರಿಗೆ ಸೂಚಿಸಿದರು. ಲೋಕೋಪಯೋಗಿ ಇಲಾಖೆ, ಜಿಲ್ಲಾ ಪಂಚಾಯತ್ ಇಂಜಿನಿಯರಿಂಗ್ ವಿಭಾಗದ ಅನುದಾನದಡಿ ಕಾಮಗಾರಿಗಳು ನಡೆಯಲಿವೆ. ಮಾಣಿಕ್ಯನಹಳ್ಳಿ 20 ಲಕ್ಷ, ಗೊಬ್ಬರಿಗೆರೆ 25 ಲಕ್ಷ, ಹರಳಹಳ್ಳಿ 15 ಲಕ್ಷ, ಚಿಕ್ಕಾಡೆ 25 ಲಕ್ಷ, ಅಲ್ಪಹಳ್ಳಿ 35 ಲಕ್ಷ ರೂ. ವೆಚ್ಚದಲ್ಲಿ ಸಿಸಿ ರಸ್ತೆ ಹಾಗೂ ಚರಂಡಿ ನಿರ್ಮಾಣ ಕಾಮಗಾರಿ ಆರಂಭವಾಗಿದೆ ಎಂದರು.
ಕ್ಯಾತನಹಳ್ಳಿ, ಚಿಕ್ಕಾಡೆ ಸೇರಿದಂತೆ ತಾಲೂಕಿನ ವಿವಿಧ ಗ್ರಾಮಗಳಲ್ಲಿ ಕುಡಿಯುವ ನೀರಿನ ಸೌಲಭ್ಯ, ಸಮುದಾಯ ಭವನ ನಿರ್ಮಾಣಕ್ಕೂ ಅನುದಾನ ಬಿಡುಗಡೆಯಾಗಿದ್ದು ಶೀಘ್ರದಲ್ಲೇ ಕಾಮಗಾರಿ ಆರಂಭಿಸಲಾಗುವುದು ಎಂದರು. ಗ್ರಾ.ಪಂ ಅಧ್ಯಕ್ಷೆ ಲಕ್ಷ್ಮಮ್ಮ, ಉಪಾಧ್ಯಕ್ಷ ಸುರೇಶ್, ಸದಸ್ಯರಾದ ಚಂದ್ರಶೇಖರ್, ನಾಗರಾಜು, ಮಂಜುನಾಥ್, ಮುಖಂಡರಾದ ಶಿವಣ್ಣ, ಕೃಷ್ಣೇಗೌಡ, ರಾಮೇಗೌಡ, ಪುಟ್ಟಸ್ವಾಮಿ, ಸಿದ್ದೇಗೌಡ, ಮಹದೇವ, ಕುಮಾರ್, ರವಿ, ಚೆನ್ನೇಗೌಡ, ಜಯರಾಮ್ ಸೇರಿದಂತೆ ಇತರರು ಉಪಸ್ಥಿತರಿದ್ದರು.
ಸ್ವಚ್ಛತೆ ಜೀವನದ ಒಂದು ಭಾಗ: ಅಶೋಕ್
ಕೃಷ್ಣರಾಜಪೇಟೆ: ಕೃಷ್ಣರಾಜಪೇಟೆ: ಸ್ವಚ್ಛತೆ ಎಂಬುದು ಪ್ರತಿಯೊಬ್ಬರ ಜೀವನದ ಒಂದು ಭಾಗವಾಗಬೇಕು. ನಮ್ಮ ಸುತ್ತಮುತ್ತಲಿನ ಪರಿಸರವನ್ನು ಸ್ವಚ್ಛವಾಗಿಟ್ಟುಕೊಳ್ಳುವುದು ನಮ್ಮೆಲ್ಲರ ಜವಾಬ್ದಾರಿ ಎಂದು ಪುರಸಭೆ ಮುಖ್ಯಾಧಿಕಾರಿ ಅಶೋಕ್ ಹೇಳಿದರು. ಪಟ್ಟಣದ ಸರ್ಕಾರಿ ಪ್ರೌಢಶಾಲೆಯಲ್ಲಿ ಆಯೋಜಿಸಿದ್ದ ಸ್ವಚ್ಛತಾ ಜಾಗೃತಿ ಕಾರ್ಯಕ್ರಮದಲ್ಲಿ ಮಾತನಾಡಿದ ಅವರು, ಮಕ್ಕಳು ಚಿಕ್ಕಂದಿನಿಂದಲೇ ಸ್ವಚ್ಛತೆಯ ಅಭ್ಯಾಸ ರೂಢಿಸಿಕೊಳ್ಳಬೇಕು. ಕಸವನ್ನು ಎಲ್ಲೆಂದರಲ್ಲಿ ಎಸೆಯದೆ ಕಸದ ಬುಟ್ಟಿಯಲ್ಲಿ ಹಾಕಬೇಕು. ಹಸಿ ಕಸ ಮತ್ತು ಒಣ ಕಸವನ್ನು ಬೇರ್ಪಡಿಸಿ ನೀಡಬೇಕು ಎಂದು ತಿಳಿಸಿದರು. ಸ್ವಚ್ಛತೆಯಿಂದ ರೋಗಗಳನ್ನು ತಡೆಗಟ್ಟಬಹುದು ಎಂದರು.
ಸಾರ್ವಜನಿಕ ಸ್ಥಳಗಳಲ್ಲಿ ಕಸ ಎಸೆಯುವುದು, ಉಗುಳುವುದು ಮಾಡಬಾರದು. ಪ್ಲಾಸ್ಟಿಕ್ ಬಳಕೆಯನ್ನು ಸಂಪೂರ್ಣವಾಗಿ ನಿಲ್ಲಿಸಬೇಕು. ಮನೆಯಲ್ಲಿಯೂ ಸ್ವಚ್ಛತೆ ಕಾಪಾಡಬೇಕು. ವಿದ್ಯಾರ್ಥಿಗಳು ತಮ್ಮ ಪೋಷಕರಿಗೂ ಸ್ವಚ್ಛತೆಯ ಮಹತ್ವ ತಿಳಿಸಬೇಕು ಎಂದು ಕರೆ ನೀಡಿದರು. ಈ ಸಂದರ್ಭದಲ್ಲಿ ಪುರಸಭೆ ಆರೋಗ್ಯ ನಿರೀಕ್ಷಕ ಮಂಜುನಾಥ್, ಶಾಲೆಯ ಮುಖ್ಯಶಿಕ್ಷಕ ಚಂದ್ರಶೇಖರ್, ಶಿಕ್ಷಕರು ಹಾಗೂ ವಿದ್ಯಾರ್ಥಿಗಳು ಭಾಗವಹಿಸಿದ್ದರು. ವಿದ್ಯಾರ್ಥಿಗಳು ಶಾಲಾ ಆವರಣದಲ್ಲಿ ಸ್ವಚ್ಛತಾ ಕಾರ್ಯ ನಡೆಸಿದರು.
ಮೃತ ವೆಂಕಟೇಶ್ ಕುಟುಂಬಕ್ಕೆ ವಾಸದ ಸ್ಥಳವನ್ನು ಖಾತೆ ಮಾಡಿಕೊಡಬೇಕೆಂದು ಒತ್ತಾಯ
ಅಕ್ರಮ ಖಾತೆ ಆರೋಪ: ಶವವಿಟ್ಟು ಪ್ರತಿಭಟನೆ
ಮದ್ದೂರು: ಮದ್ದೂರು: ಗ್ರಾಮ ಪಂಚಾಯಿತಿ ಅಧಿಕಾರಿಗಳು ಅಕ್ರಮ ಖಾತೆ ಮಾಡಿದ್ದಾರೆಂದು ಆರೋಪಿಸಿ ಮೃತನ ಶವವನ್ನು ಗ್ರಾಮ ಪಂಚಾಯಿತಿ ಕಚೇರಿ ಮುಂದಿಟ್ಟು ಕುಟುಂಬಸ್ಥರು ಹಾಗೂ ಗ್ರಾಮಸ್ಥರು ಪ್ರತಿಭಟನೆ ನಡೆಸಿದರು. ತಾಲೂಕಿನ ಗ್ರಾಮದ ನಿವಾಸಿ ವೆಂಕಟೇಶ್ (58) ಎಂಬುವವರು ಅನಾರೋಗ್ಯದಿಂದ ಮೃತಪಟ್ಟಿದ್ದರು. ವೆಂಕಟೇಶ್ ಅವರ ಕುಟುಂಬ ಹಲವು ವರ್ಷಗಳಿಂದ ವಾಸವಿದ್ದ ಸ್ಥಳವನ್ನು ಬೇರೆಯವರ ಹೆಸರಿಗೆ ಖಾತೆ ಮಾಡಲಾಗಿದೆ ಎಂದು ಆರೋಪಿಸಿದರು.
ಅಧಿಕಾರ ದುರುಪಯೋಗಪಡಿಸಿಕೊಂಡು ಬೇರೆಯವರಿಗೆ ಅಕ್ರಮವಾಗಿ ಖಾತೆ ಮಾಡಿಕೊಟ್ಟಿದ್ದಾರೆ. ವಾಸದ ಸ್ಥಳವನ್ನು ಮೃತರ ಕುಟುಂಬಕ್ಕೆ ಖಾತೆ ಮಾಡಿಕೊಡಬೇಕು ಎಂದು ಒತ್ತಾಯಿಸಿದರು. ಗ್ರಾಮದ ಮುಖಂಡರು ಮಾತನಾಡಿ, ಸ್ಥಳಕ್ಕೆ ಹಿರಿಯ ಅಧಿಕಾರಿಗಳು ಬರುವವರೆಗೂ ಶವ ತೆಗೆಯುವುದಿಲ್ಲ ಎಂದು ಪಟ್ಟುಹಿಡಿದರು.
ಈ ಬಗ್ಗೆ ಸಂಬಂಧಪಟ್ಟ ತನಿಖೆ ನಡೆಸಿ ತಪ್ಪಿತಸ್ಥ ಅಧಿಕಾರಿಗಳ ವಿರುದ್ಧ ಕಾನೂನು ಕ್ರಮ ಕೈಗೊಳ್ಳಬೇಕು. ಇಲ್ಲದಿದ್ದಲ್ಲಿ ಉಗ್ರ ಹೋರಾಟ ನಡೆಸಲಾಗುವುದು ಎಂದು ಎಚ್ಚರಿಸಿದರು. ಸ್ಥಳಕ್ಕೆ ಪೊಲೀಸರು ಆಗಮಿಸಿ ಪರಿಸ್ಥಿತಿ ನಿಯಂತ್ರಿಸಿದರು.
ಪ್ರತಿಭಟನಾ ಸ್ಥಳಕ್ಕೆ ತಹಸೀಲ್ದಾರ್ ಹಾಗೂ ತಾಲೂಕು ಪಂಚಾಯಿತಿ ಕಾರ್ಯನಿರ್ವಾಹಕ ಅಧಿಕಾರಿ ಭೇಟಿ ನೀಡಿ ಪ್ರತಿಭಟನಾಕಾರರ ಮನವೊಲಿಸಿದರು. ದಾಖಲೆಗಳನ್ನು ಪರಿಶೀಲಿಸಿ ಸೂಕ್ತ ಕ್ರಮ ಕೈಗೊಳ್ಳುವುದಾಗಿ ಭರವಸೆ ನೀಡಿದ ಬಳಿಕ ಪ್ರತಿಭಟನೆ ಹಿಂಪಡೆಯಲಾಯಿತು. ಪ್ರತಿಭಟನೆಯಲ್ಲಿ ಗ್ರಾಮಸ್ಥರಾದ ಜಯರಾಮ್, ರಾಮಣ್ಣ, ಶಿವಲಿಂಗ, ಪುಟ್ಟರಾಜು, ವೆಂಕಟೇಶ್, ಮಹದೇವ, ಕೃಷ್ಣ, ಚಂದ್ರು, ಲೋಕೇಶ್ ಸೇರಿದಂತೆ ಇತರರು ಇದ್ದರು.
ಶಿಕ್ಷಕರಿಗೆ ಮಂಡ್ಯ ಉತ್ತರ ವಲಯ ಬಿಇಒ ಸೌಭಾಗ್ಯ ಸಲಹೆ
ಗುಣಮಟ್ಟದ ಕಲಿಕೆಗೆ ಭಾಷಾ ಕೌಶಲ ಅಳವಡಿಸಿ
ಮಂಡ್ಯ: ಮಂಡ್ಯ: ವಿದ್ಯಾರ್ಥಿಗಳಿಗೆ ಮಾತೃಭಾಷೆ ಕಲಿಕೆ ದೃಢಗೊಳಿಸುವ ಜೊತೆಗೆ ಇಂಗ್ಲಿಷ್ ಭಾಷಾ ಕೌಶಲವನ್ನು ಅಳವಡಿಸುವುದು ಶಿಕ್ಷಕರ ಜವಾಬ್ದಾರಿಯಾಗಿದೆ. ಗುಣಮಟ್ಟದ ಕಲಿಕೆಗೆ ಭಾಷಾ ಕೌಶಲ ಅತ್ಯಗತ್ಯ ಎಂದು ಮಂಡ್ಯ ಉತ್ತರ ವಲಯ ಕ್ಷೇತ್ರ ಶಿಕ್ಷಣಾಧಿಕಾರಿ ಸೌಭಾಗ್ಯ ಹೇಳಿದರು. ನಗರದಲ್ಲಿ ಶಿಕ್ಷಕರಿಗೆ ಆಯೋಜಿಸಿದ್ದ ತರಬೇತಿ ಕಾರ್ಯಾಗಾರ ಉದ್ಘಾಟಿಸಿ ಮಾತನಾಡಿದ ಅವರು, ಸರ್ಕಾರಿ ಶಾಲೆಯ ಮಕ್ಕಳು ಖಾಸಗಿ ಶಾಲೆಯ ಮಕ್ಕಳಿಗೆ ಸಮನಾಗಿ ಸ್ಪರ್ಧಿಸಲು ಭಾಷಾ ಕೌಶಲ ಅಗತ್ಯ. ಶಿಕ್ಷಕರು ಹೊಸ ಬೋಧನಾ ವಿಧಾನಗಳನ್ನು ಅಳವಡಿಸಿಕೊಳ್ಳಬೇಕು ಎಂದರು.
ಮಾತನಾಡಿ, ವಿದ್ಯಾರ್ಥಿಗಳ ಕಲಿಕಾ ಮಟ್ಟವನ್ನು ಅರಿತುಕೊಂಡು ಶಿಕ್ಷಕರು ಬೋಧನೆ ಮಾಡಬೇಕು. ಕಲಿಕಾ ಹಿನ್ನಡೆ ಹೊಂದಿರುವ ಮಕ್ಕಳಿಗೆ ವಿಶೇಷ ಗಮನ ನೀಡಬೇಕು ಎಂದು ಸಲಹೆ ನೀಡಿದರು. ಕಾರ್ಯಾಗಾರದಲ್ಲಿ ಶಿಕ್ಷಣ ಸಂಯೋಜಕ ಕೆ.ಎಸ್.ಕುಮಾರ್, ಸಂಪನ್ಮೂಲ ವ್ಯಕ್ತಿಗಳಾದ ಜಯಶ್ರೀ, ಮಂಜುಳಾ, ಶಿಕ್ಷಕರ ಸಂಘದ ಪದಾಧಿಕಾರಿಗಳು ಹಾಗೂ ವಲಯದ ವಿವಿಧ ಶಾಲೆಗಳ ಶಿಕ್ಷಕರು ಭಾಗವಹಿಸಿದ್ದರು.
